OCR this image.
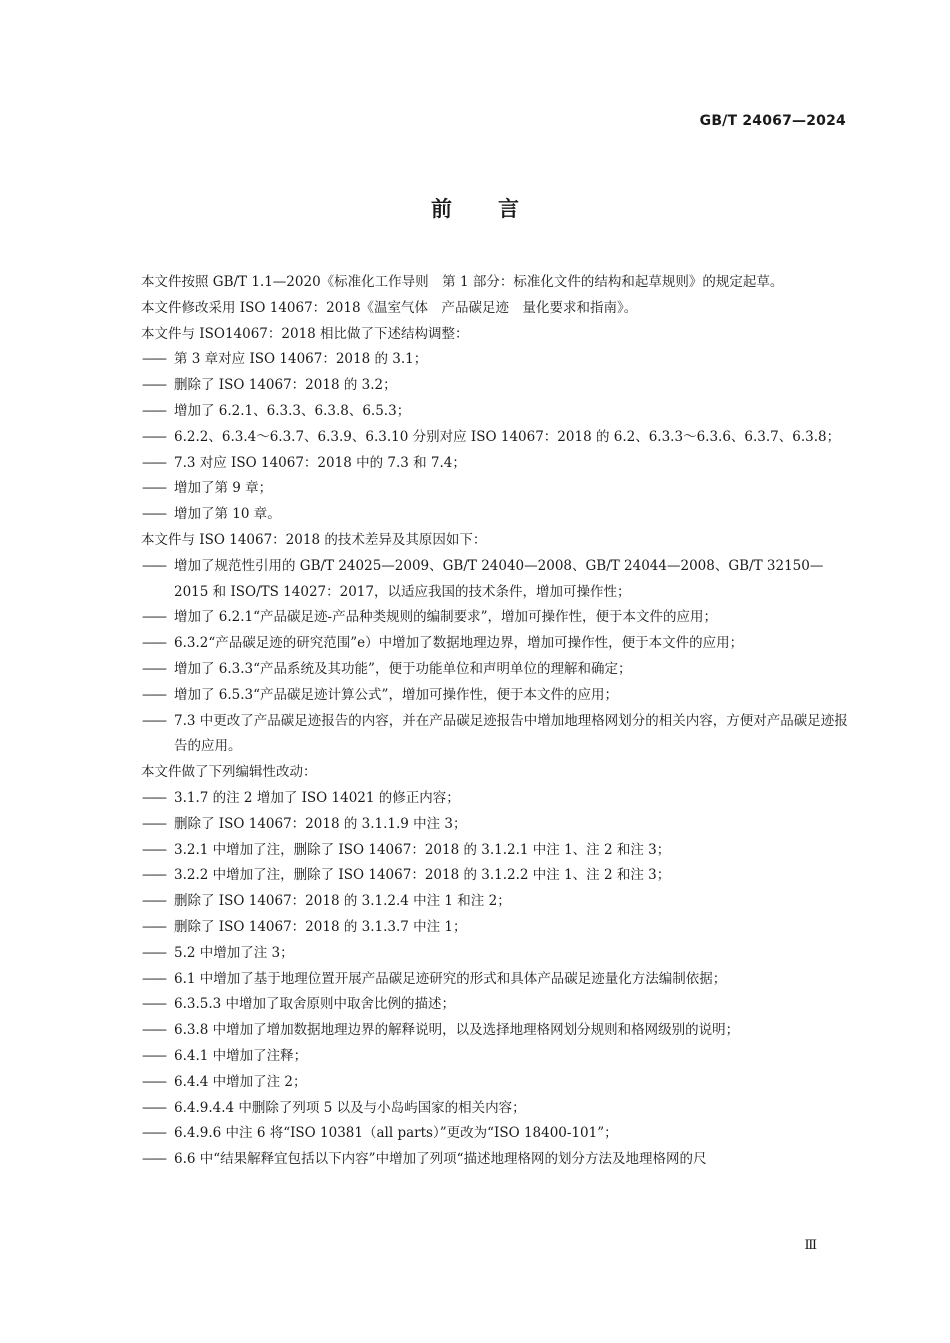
GB/T 24067—2024
前 言

本文件按照 GB/T 1.1—2020《标准化工作导则　第 1 部分：标准化文件的结构和起草规则》的规定起草。

本文件修改采用 ISO 14067：2018《温室气体　产品碳足迹　量化要求和指南》。

本文件与 ISO14067：2018 相比做了下述结构调整：

—— 第 3 章对应 ISO 14067：2018 的 3.1；

—— 删除了 ISO 14067：2018 的 3.2；

—— 增加了 6.2.1、6.3.3、6.3.8、6.5.3；

—— 6.2.2、6.3.4～6.3.7、6.3.9、6.3.10 分别对应 ISO 14067：2018 的 6.2、6.3.3～6.3.6、6.3.7、6.3.8；

—— 7.3 对应 ISO 14067：2018 中的 7.3 和 7.4；

—— 增加了第 9 章；

—— 增加了第 10 章。

本文件与 ISO 14067：2018 的技术差异及其原因如下：

—— 增加了规范性引用的 GB/T 24025—2009、GB/T 24040—2008、GB/T 24044—2008、GB/T 32150—2015 和 ISO/TS 14027：2017，以适应我国的技术条件，增加可操作性；

—— 增加了 6.2.1“产品碳足迹-产品种类规则的编制要求”，增加可操作性，便于本文件的应用；

—— 6.3.2“产品碳足迹的研究范围”e）中增加了数据地理边界，增加可操作性，便于本文件的应用；

—— 增加了 6.3.3“产品系统及其功能”，便于功能单位和声明单位的理解和确定；

—— 增加了 6.5.3“产品碳足迹计算公式”，增加可操作性，便于本文件的应用；

—— 7.3 中更改了产品碳足迹报告的内容，并在产品碳足迹报告中增加地理格网划分的相关内容，方便对产品碳足迹报告的应用。

本文件做了下列编辑性改动：

—— 3.1.7 的注 2 增加了 ISO 14021 的修正内容；

—— 删除了 ISO 14067：2018 的 3.1.1.9 中注 3；

—— 3.2.1 中增加了注，删除了 ISO 14067：2018 的 3.1.2.1 中注 1、注 2 和注 3；

—— 3.2.2 中增加了注，删除了 ISO 14067：2018 的 3.1.2.2 中注 1、注 2 和注 3；

—— 删除了 ISO 14067：2018 的 3.1.2.4 中注 1 和注 2；

—— 删除了 ISO 14067：2018 的 3.1.3.7 中注 1；

—— 5.2 中增加了注 3；

—— 6.1 中增加了基于地理位置开展产品碳足迹研究的形式和具体产品碳足迹量化方法编制依据；

—— 6.3.5.3 中增加了取舍原则中取舍比例的描述；

—— 6.3.8 中增加了增加数据地理边界的解释说明，以及选择地理格网划分规则和格网级别的说明；

—— 6.4.1 中增加了注释；

—— 6.4.4 中增加了注 2；

—— 6.4.9.4.4 中删除了列项 5 以及与小岛屿国家的相关内容；

—— 6.4.9.6 中注 6 将“ISO 10381（all parts）”更改为“ISO 18400-101”；

—— 6.6 中“结果解释宜包括以下内容”中增加了列项“描述地理格网的划分方法及地理格网的尺

Ⅲ
